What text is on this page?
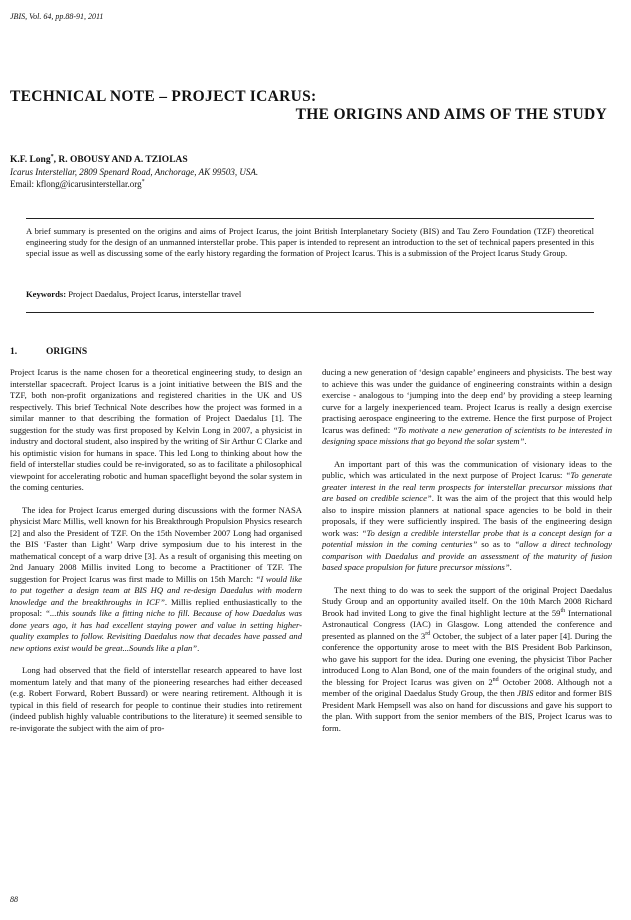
JBIS, Vol. 64, pp.88-91, 2011
TECHNICAL NOTE – PROJECT ICARUS:
THE ORIGINS AND AIMS OF THE STUDY
K.F. Long*, R. OBOUSY AND A. TZIOLAS
Icarus Interstellar, 2809 Spenard Road, Anchorage, AK 99503, USA.
Email: kflong@icarusinterstellar.org*
A brief summary is presented on the origins and aims of Project Icarus, the joint British Interplanetary Society (BIS) and Tau Zero Foundation (TZF) theoretical engineering study for the design of an unmanned interstellar probe. This paper is intended to represent an introduction to the set of technical papers presented in this special issue as well as discussing some of the early history regarding the formation of Project Icarus. This is a submission of the Project Icarus Study Group.
Keywords: Project Daedalus, Project Icarus, interstellar travel
1.	ORIGINS

Project Icarus is the name chosen for a theoretical engineering study, to design an interstellar spacecraft. Project Icarus is a joint initiative between the BIS and the TZF, both non-profit organizations and registered charities in the UK and US respectively. This brief Technical Note describes how the project was formed in a similar manner to that describing the formation of Project Daedalus [1]. The suggestion for the study was first proposed by Kelvin Long in 2007, a physicist in industry and doctoral student, also inspired by the writing of Sir Arthur C Clarke and his optimistic vision for humans in space. This led Long to thinking about how the field of interstellar studies could be re-invigorated, so as to facilitate a philosophical viewpoint for accelerating robotic and human spaceflight beyond the solar system in the coming centuries.

The idea for Project Icarus emerged during discussions with the former NASA physicist Marc Millis, well known for his Breakthrough Propulsion Physics research [2] and also the President of TZF. On the 15th November 2007 Long had organised the BIS ‘Faster than Light’ Warp drive symposium due to his interest in the mathematical concept of a warp drive [3]. As a result of organising this meeting on 2nd January 2008 Millis invited Long to become a Practitioner of TZF. The suggestion for Project Icarus was first made to Millis on 15th March: “I would like to put together a design team at BIS HQ and re-design Daedalus with modern knowledge and the breakthroughs in ICF”. Millis replied enthusiastically to the proposal: “...this sounds like a fitting niche to fill. Because of how Daedalus was done years ago, it has had excellent staying power and value in setting higher-quality examples to follow. Revisiting Daedalus now that decades have passed and new options exist would be great...Sounds like a plan”.

Long had observed that the field of interstellar research appeared to have lost momentum lately and that many of the pioneering researches had either deceased (e.g. Robert Forward, Robert Bussard) or were nearing retirement. Although it is typical in this field of research for people to continue their studies into retirement (indeed publish highly valuable contributions to the literature) it seemed sensible to re-invigorate the subject with the aim of pro-

ducing a new generation of ‘design capable’ engineers and physicists. The best way to achieve this was under the guidance of engineering constraints within a design exercise - analogous to ‘jumping into the deep end’ by providing a steep learning curve for a largely inexperienced team. Project Icarus is really a design exercise practising aerospace engineering to the extreme. Hence the first purpose of Project Icarus was defined: “To motivate a new generation of scientists to be interested in designing space missions that go beyond the solar system”.

An important part of this was the communication of visionary ideas to the public, which was articulated in the next purpose of Project Icarus: “To generate greater interest in the real term prospects for interstellar precursor missions that are based on credible science”. It was the aim of the project that this would help also to inspire mission planners at national space agencies to be bold in their proposals, if they were sufficiently inspired. The basis of the engineering design work was: “To design a credible interstellar probe that is a concept design for a potential mission in the coming centuries” so as to “allow a direct technology comparison with Daedalus and provide an assessment of the maturity of fusion based space propulsion for future precursor missions”.

The next thing to do was to seek the support of the original Project Daedalus Study Group and an opportunity availed itself. On the 10th March 2008 Richard Brook had invited Long to give the final highlight lecture at the 59th International Astronautical Congress (IAC) in Glasgow. Long attended the conference and presented as planned on the 3rd October, the subject of a later paper [4]. During the conference the opportunity arose to meet with the BIS President Bob Parkinson, who gave his support for the idea. During one evening, the physicist Tibor Pacher introduced Long to Alan Bond, one of the main founders of the original study, and the blessing for Project Icarus was given on 2nd October 2008. Although not a member of the original Daedalus Study Group, the then JBIS editor and former BIS President Mark Hempsell was also on hand for discussions and gave his support to the plan. With support from the senior members of the BIS, Project Icarus was to form.

88
